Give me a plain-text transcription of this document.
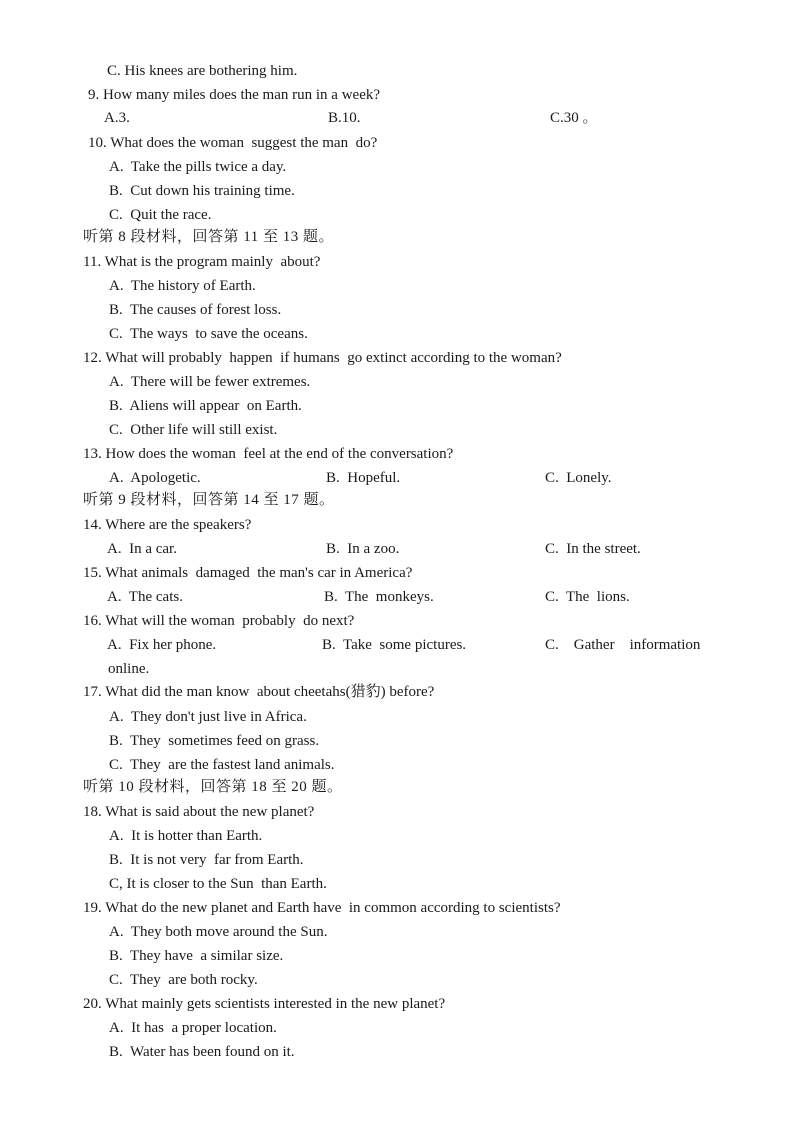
C. His knees are bothering him.
9. How many miles does the man run in a week?
A.3.	B.10.	C.30 。
10. What does the woman  suggest the man  do?
A.  Take the pills twice a day.
B.  Cut down his training time.
C.  Quit the race.
听第 8 段材料，回答第 11 至 13 题。
11. What is the program mainly  about?
A.  The history of Earth.
B.  The causes of forest loss.
C.  The ways  to save the oceans.
12. What will probably  happen  if humans  go extinct according to the woman?
A.  There will be fewer extremes.
B.  Aliens will appear  on Earth.
C.  Other life will still exist.
13. How does the woman  feel at the end of the conversation?
A.  Apologetic.	B.  Hopeful.	C.  Lonely.
听第 9 段材料，回答第 14 至 17 题。
14. Where are the speakers?
A.  In a car.	B.  In a zoo.	C.  In the street.
15. What animals  damaged  the man's car in America?
A.  The cats.	B.  The  monkeys.	C.  The  lions.
16. What will the woman  probably  do next?
A.  Fix her phone.	B.  Take  some pictures.	C.    Gather    information
online.
17. What did the man know  about cheetahs(猎豹) before?
A.  They don't just live in Africa.
B.  They  sometimes feed on grass.
C.  They  are the fastest land animals.
听第 10 段材料，回答第 18 至 20 题。
18. What is said about the new planet?
A.  It is hotter than Earth.
B.  It is not very  far from Earth.
C, It is closer to the Sun  than Earth.
19. What do the new planet and Earth have  in common according to scientists?
A.  They both move around the Sun.
B.  They have  a similar size.
C.  They  are both rocky.
20. What mainly gets scientists interested in the new planet?
A.  It has  a proper location.
B.  Water has been found on it.
